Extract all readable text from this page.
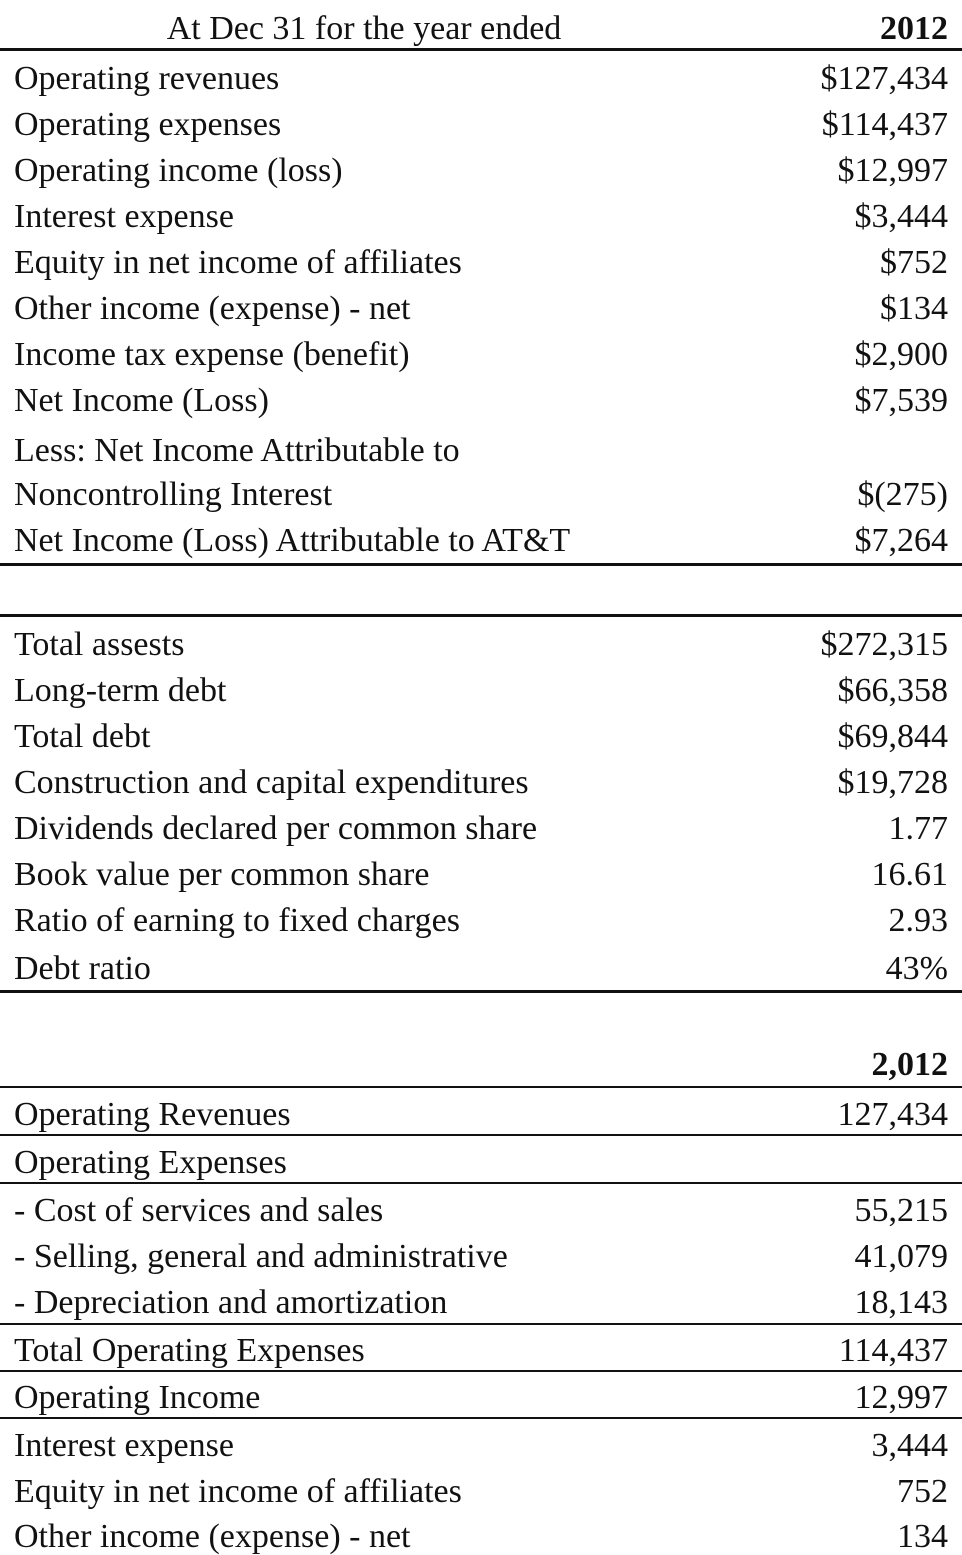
At Dec 31 for the year ended	2012
Operating revenues	$127,434
Operating expenses	$114,437
Operating income (loss)	$12,997
Interest expense	$3,444
Equity in net income of affiliates	$752
Other income (expense) - net	$134
Income tax expense (benefit)	$2,900
Net Income (Loss)	$7,539
Less: Net Income Attributable to
Noncontrolling Interest	$(275)
Net Income (Loss) Attributable to AT&T	$7,264
Total assests	$272,315
Long-term debt	$66,358
Total debt	$69,844
Construction and capital expenditures	$19,728
Dividends declared per common share	1.77
Book value per common share	16.61
Ratio of earning to fixed charges	2.93
Debt ratio	43%
2,012
Operating Revenues	127,434
Operating Expenses
- Cost of services and sales	55,215
- Selling, general and administrative	41,079
- Depreciation and amortization	18,143
Total Operating Expenses	114,437
Operating Income	12,997
Interest expense	3,444
Equity in net income of affiliates	752
Other income (expense) - net	134
